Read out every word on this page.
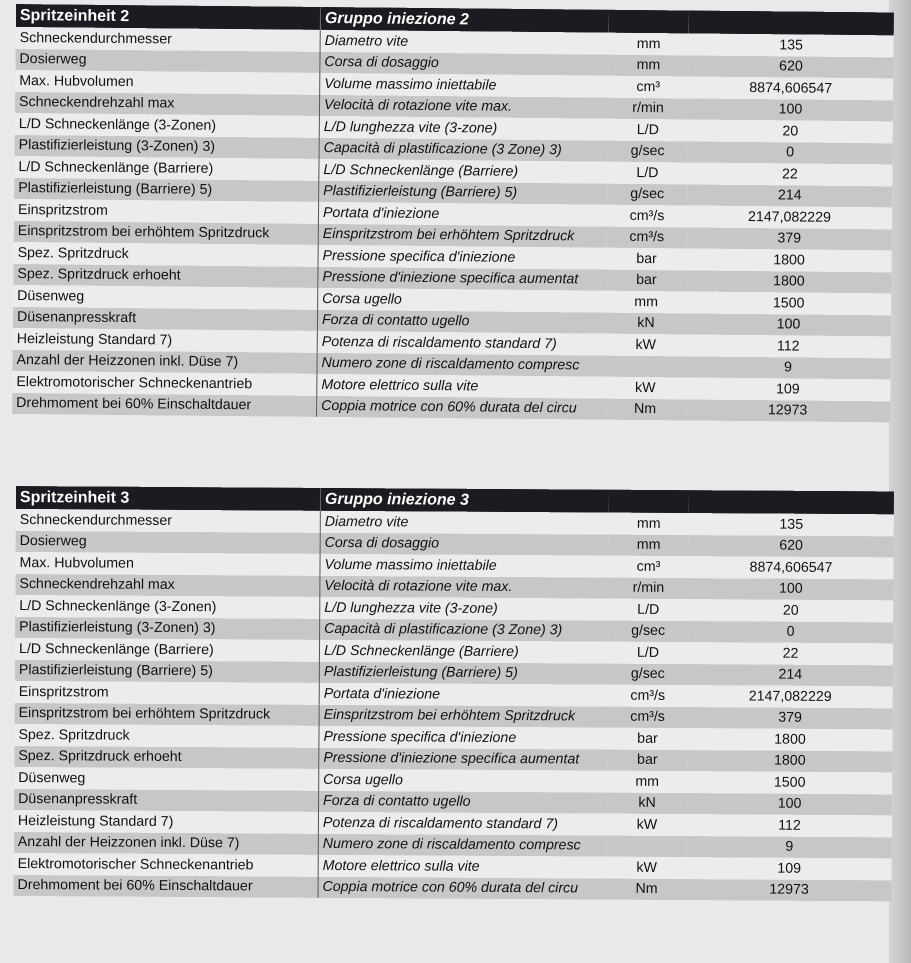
Spritzeinheit 2	Gruppo iniezione 2		
Schneckendurchmesser	Diametro vite	mm	135
Dosierweg	Corsa di dosaggio	mm	620
Max. Hubvolumen	Volume massimo iniettabile	cm³	8874,606547
Schneckendrehzahl max	Velocità di rotazione vite max.	r/min	100
L/D Schneckenlänge (3-Zonen)	L/D lunghezza vite (3-zone)	L/D	20
Plastifizierleistung (3-Zonen) 3)	Capacità di plastificazione (3 Zone) 3)	g/sec	0
L/D Schneckenlänge (Barriere)	L/D Schneckenlänge (Barriere)	L/D	22
Plastifizierleistung (Barriere) 5)	Plastifizierleistung (Barriere) 5)	g/sec	214
Einspritzstrom	Portata d'iniezione	cm³/s	2147,082229
Einspritzstrom bei erhöhtem Spritzdruck	Einspritzstrom bei erhöhtem Spritzdruck	cm³/s	379
Spez. Spritzdruck	Pressione specifica d'iniezione	bar	1800
Spez. Spritzdruck erhoeht	Pressione d'iniezione specifica aumentat	bar	1800
Düsenweg	Corsa ugello	mm	1500
Düsenanpresskraft	Forza di contatto ugello	kN	100
Heizleistung Standard 7)	Potenza di riscaldamento standard 7)	kW	112
Anzahl der Heizzonen inkl. Düse 7)	Numero zone di riscaldamento compresc		9
Elektromotorischer Schneckenantrieb	Motore elettrico sulla vite	kW	109
Drehmoment bei 60% Einschaltdauer	Coppia motrice con 60% durata del circu	Nm	12973
Spritzeinheit 3	Gruppo iniezione 3		
Schneckendurchmesser	Diametro vite	mm	135
Dosierweg	Corsa di dosaggio	mm	620
Max. Hubvolumen	Volume massimo iniettabile	cm³	8874,606547
Schneckendrehzahl max	Velocità di rotazione vite max.	r/min	100
L/D Schneckenlänge (3-Zonen)	L/D lunghezza vite (3-zone)	L/D	20
Plastifizierleistung (3-Zonen) 3)	Capacità di plastificazione (3 Zone) 3)	g/sec	0
L/D Schneckenlänge (Barriere)	L/D Schneckenlänge (Barriere)	L/D	22
Plastifizierleistung (Barriere) 5)	Plastifizierleistung (Barriere) 5)	g/sec	214
Einspritzstrom	Portata d'iniezione	cm³/s	2147,082229
Einspritzstrom bei erhöhtem Spritzdruck	Einspritzstrom bei erhöhtem Spritzdruck	cm³/s	379
Spez. Spritzdruck	Pressione specifica d'iniezione	bar	1800
Spez. Spritzdruck erhoeht	Pressione d'iniezione specifica aumentat	bar	1800
Düsenweg	Corsa ugello	mm	1500
Düsenanpresskraft	Forza di contatto ugello	kN	100
Heizleistung Standard 7)	Potenza di riscaldamento standard 7)	kW	112
Anzahl der Heizzonen inkl. Düse 7)	Numero zone di riscaldamento compresc		9
Elektromotorischer Schneckenantrieb	Motore elettrico sulla vite	kW	109
Drehmoment bei 60% Einschaltdauer	Coppia motrice con 60% durata del circu	Nm	12973
